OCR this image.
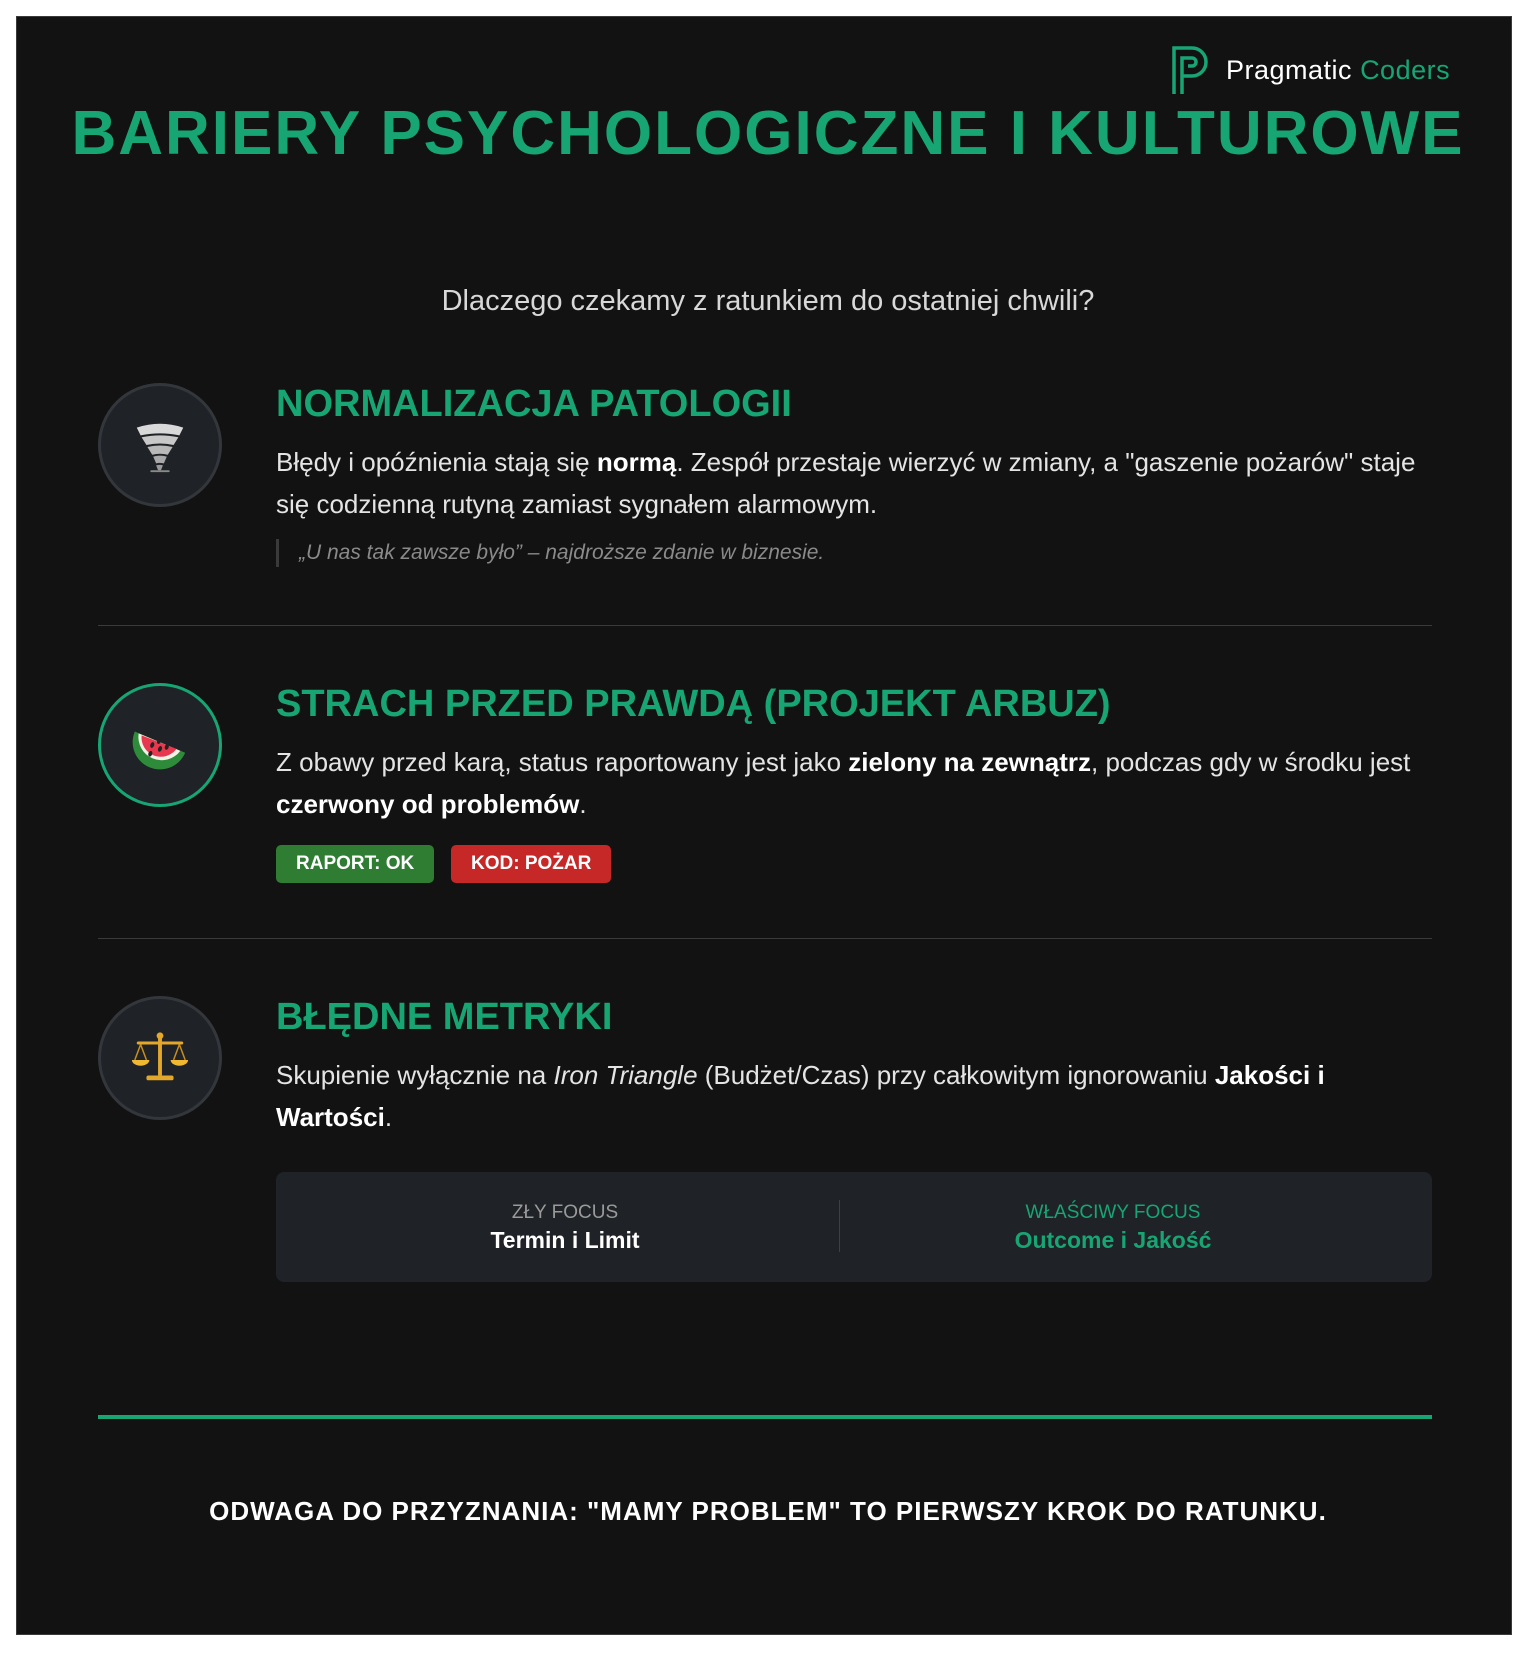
Pragmatic Coders
BARIERY PSYCHOLOGICZNE I KULTUROWE

Dlaczego czekamy z ratunkiem do ostatniej chwili?

NORMALIZACJA PATOLOGII

Błędy i opóźnienia stają się normą. Zespół przestaje wierzyć w zmiany, a "gaszenie pożarów" staje się codzienną rutyną zamiast sygnałem alarmowym.

„U nas tak zawsze było” – najdroższe zdanie w biznesie.
STRACH PRZED PRAWDĄ (PROJEKT ARBUZ)

Z obawy przed karą, status raportowany jest jako zielony na zewnątrz, podczas gdy w środku jest czerwony od problemów.

RAPORT: OK	KOD: POŻAR
BŁĘDNE METRYKI

Skupienie wyłącznie na Iron Triangle (Budżet/Czas) przy całkowitym ignorowaniu Jakości i Wartości.

ZŁY FOCUS
Termin i Limit
WŁAŚCIWY FOCUS
Outcome i Jakość

ODWAGA DO PRZYZNANIA: "MAMY PROBLEM" TO PIERWSZY KROK DO RATUNKU.
